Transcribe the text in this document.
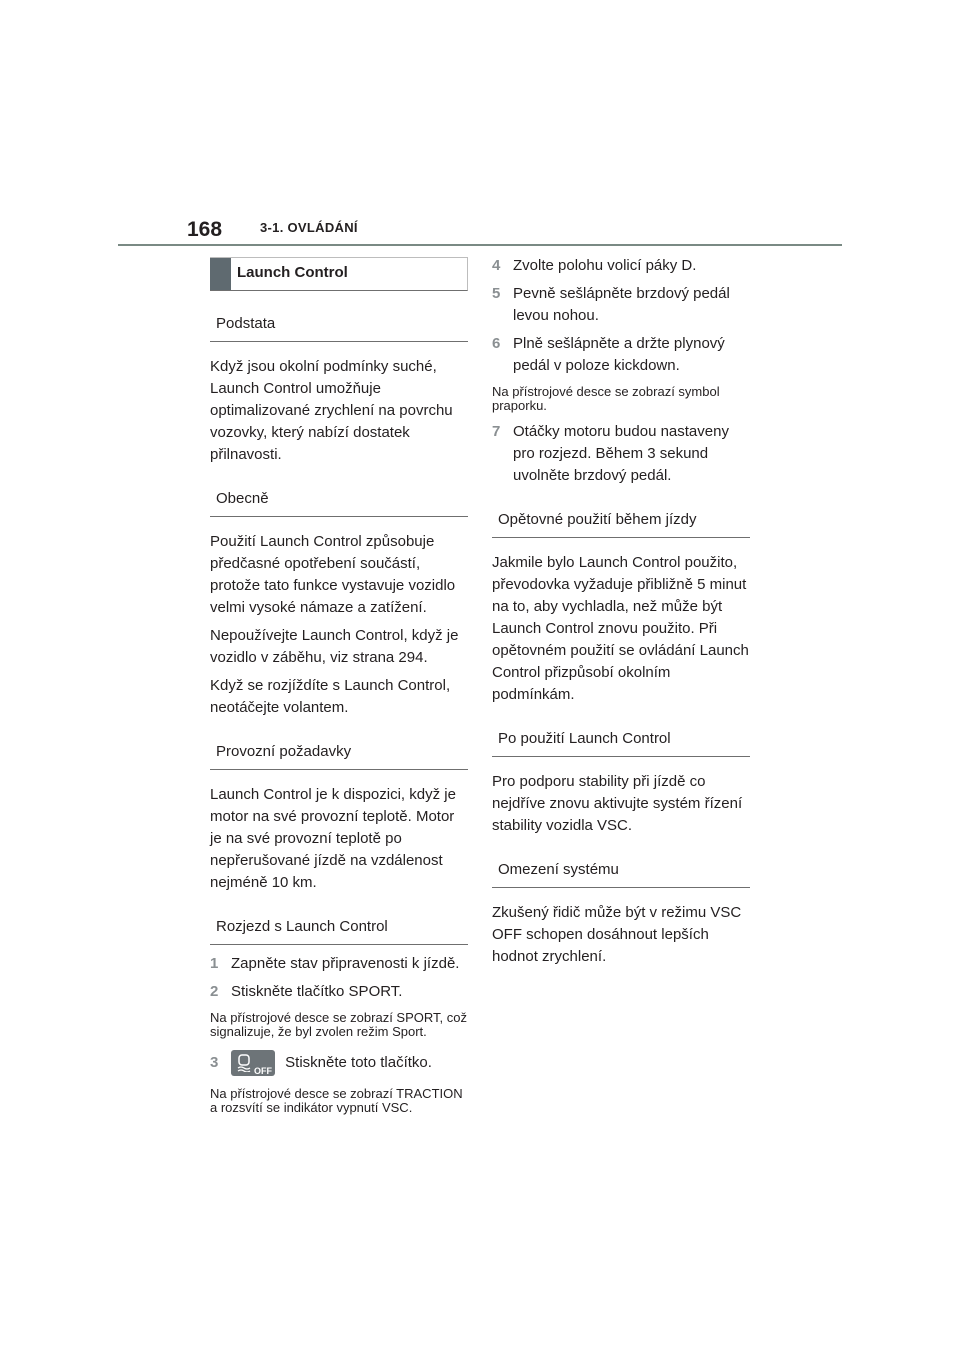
168	3-1. OVLÁDÁNÍ
Launch Control
Podstata

Když jsou okolní podmínky suché, Launch Control umožňuje optimalizované zrychlení na povrchu vozovky, který nabízí dostatek přilnavosti.

Obecně

Použití Launch Control způsobuje předčasné opotřebení součástí, protože tato funkce vystavuje vozidlo velmi vysoké námaze a zatížení.

Nepoužívejte Launch Control, když je vozidlo v záběhu, viz strana 294.

Když se rozjíždíte s Launch Control, neotáčejte volantem.

Provozní požadavky

Launch Control je k dispozici, když je motor na své provozní teplotě. Motor je na své provozní teplotě po nepřerušované jízdě na vzdálenost nejméně 10 km.

Rozjezd s Launch Control

1 Zapněte stav připravenosti k jízdě.

2 Stiskněte tlačítko SPORT.

Na přístrojové desce se zobrazí SPORT, což signalizuje, že byl zvolen režim Sport.

3
OFF
Stiskněte toto tlačítko.

Na přístrojové desce se zobrazí TRACTION a rozsvítí se indikátor vypnutí VSC.

4 Zvolte polohu volicí páky D.

5 Pevně sešlápněte brzdový pedál levou nohou.

6 Plně sešlápněte a držte plynový pedál v poloze kickdown.

Na přístrojové desce se zobrazí symbol praporku.

7 Otáčky motoru budou nastaveny pro rozjezd. Během 3 sekund uvolněte brzdový pedál.

Opětovné použití během jízdy

Jakmile bylo Launch Control použito, převodovka vyžaduje přibližně 5 minut na to, aby vychladla, než může být Launch Control znovu použito. Při opětovném použití se ovládání Launch Control přizpůsobí okolním podmínkám.

Po použití Launch Control

Pro podporu stability při jízdě co nejdříve znovu aktivujte systém řízení stability vozidla VSC.

Omezení systému

Zkušený řidič může být v režimu VSC OFF schopen dosáhnout lepších hodnot zrychlení.
